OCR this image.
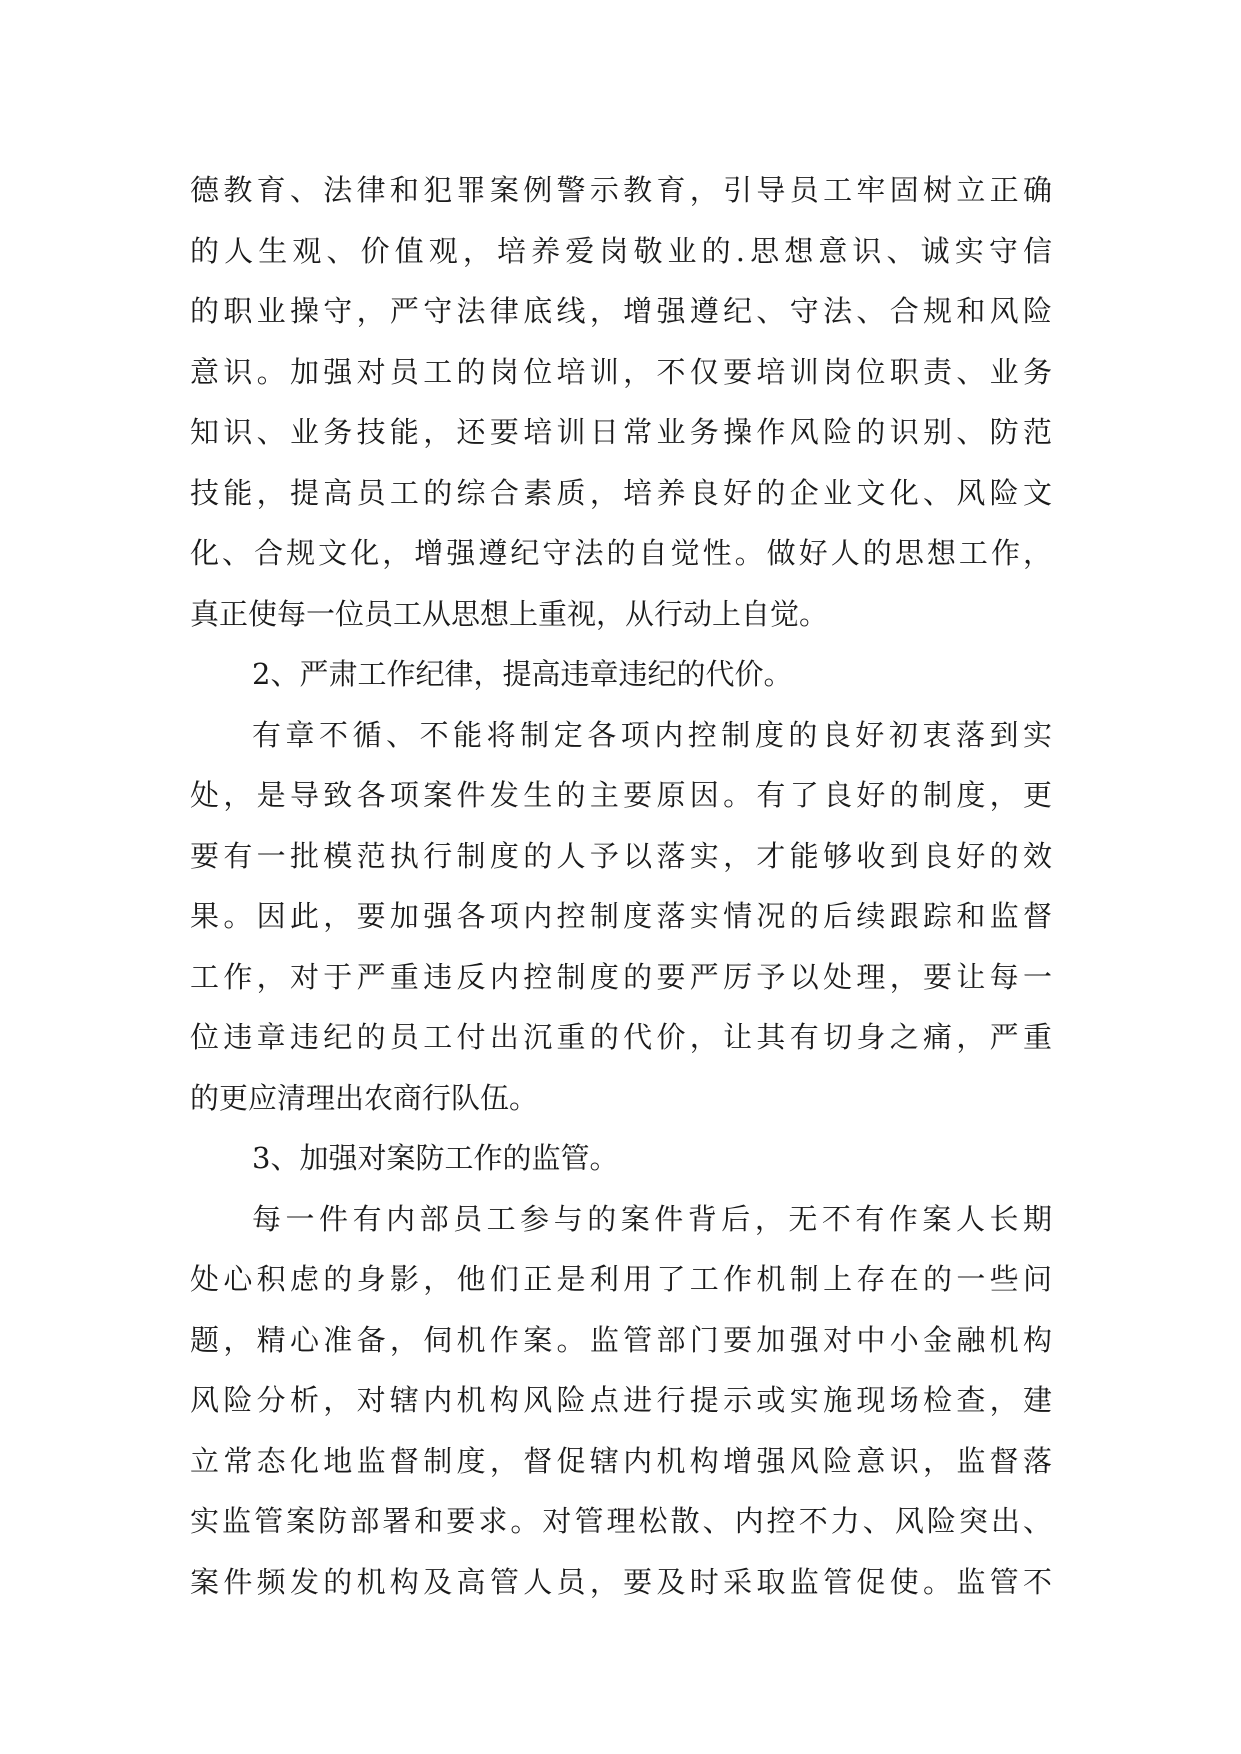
德教育、法律和犯罪案例警示教育，引导员工牢固树立正确
的人生观、价值观，培养爱岗敬业的.思想意识、诚实守信
的职业操守，严守法律底线，增强遵纪、守法、合规和风险
意识。加强对员工的岗位培训，不仅要培训岗位职责、业务
知识、业务技能，还要培训日常业务操作风险的识别、防范
技能，提高员工的综合素质，培养良好的企业文化、风险文
化、合规文化，增强遵纪守法的自觉性。做好人的思想工作，
真正使每一位员工从思想上重视，从行动上自觉。
2、严肃工作纪律，提高违章违纪的代价。
有章不循、不能将制定各项内控制度的良好初衷落到实
处，是导致各项案件发生的主要原因。有了良好的制度，更
要有一批模范执行制度的人予以落实，才能够收到良好的效
果。因此，要加强各项内控制度落实情况的后续跟踪和监督
工作，对于严重违反内控制度的要严厉予以处理，要让每一
位违章违纪的员工付出沉重的代价，让其有切身之痛，严重
的更应清理出农商行队伍。
3、加强对案防工作的监管。
每一件有内部员工参与的案件背后，无不有作案人长期
处心积虑的身影，他们正是利用了工作机制上存在的一些问
题，精心准备，伺机作案。监管部门要加强对中小金融机构
风险分析，对辖内机构风险点进行提示或实施现场检查，建
立常态化地监督制度，督促辖内机构增强风险意识，监督落
实监管案防部署和要求。对管理松散、内控不力、风险突出、
案件频发的机构及高管人员，要及时采取监管促使。监管不
